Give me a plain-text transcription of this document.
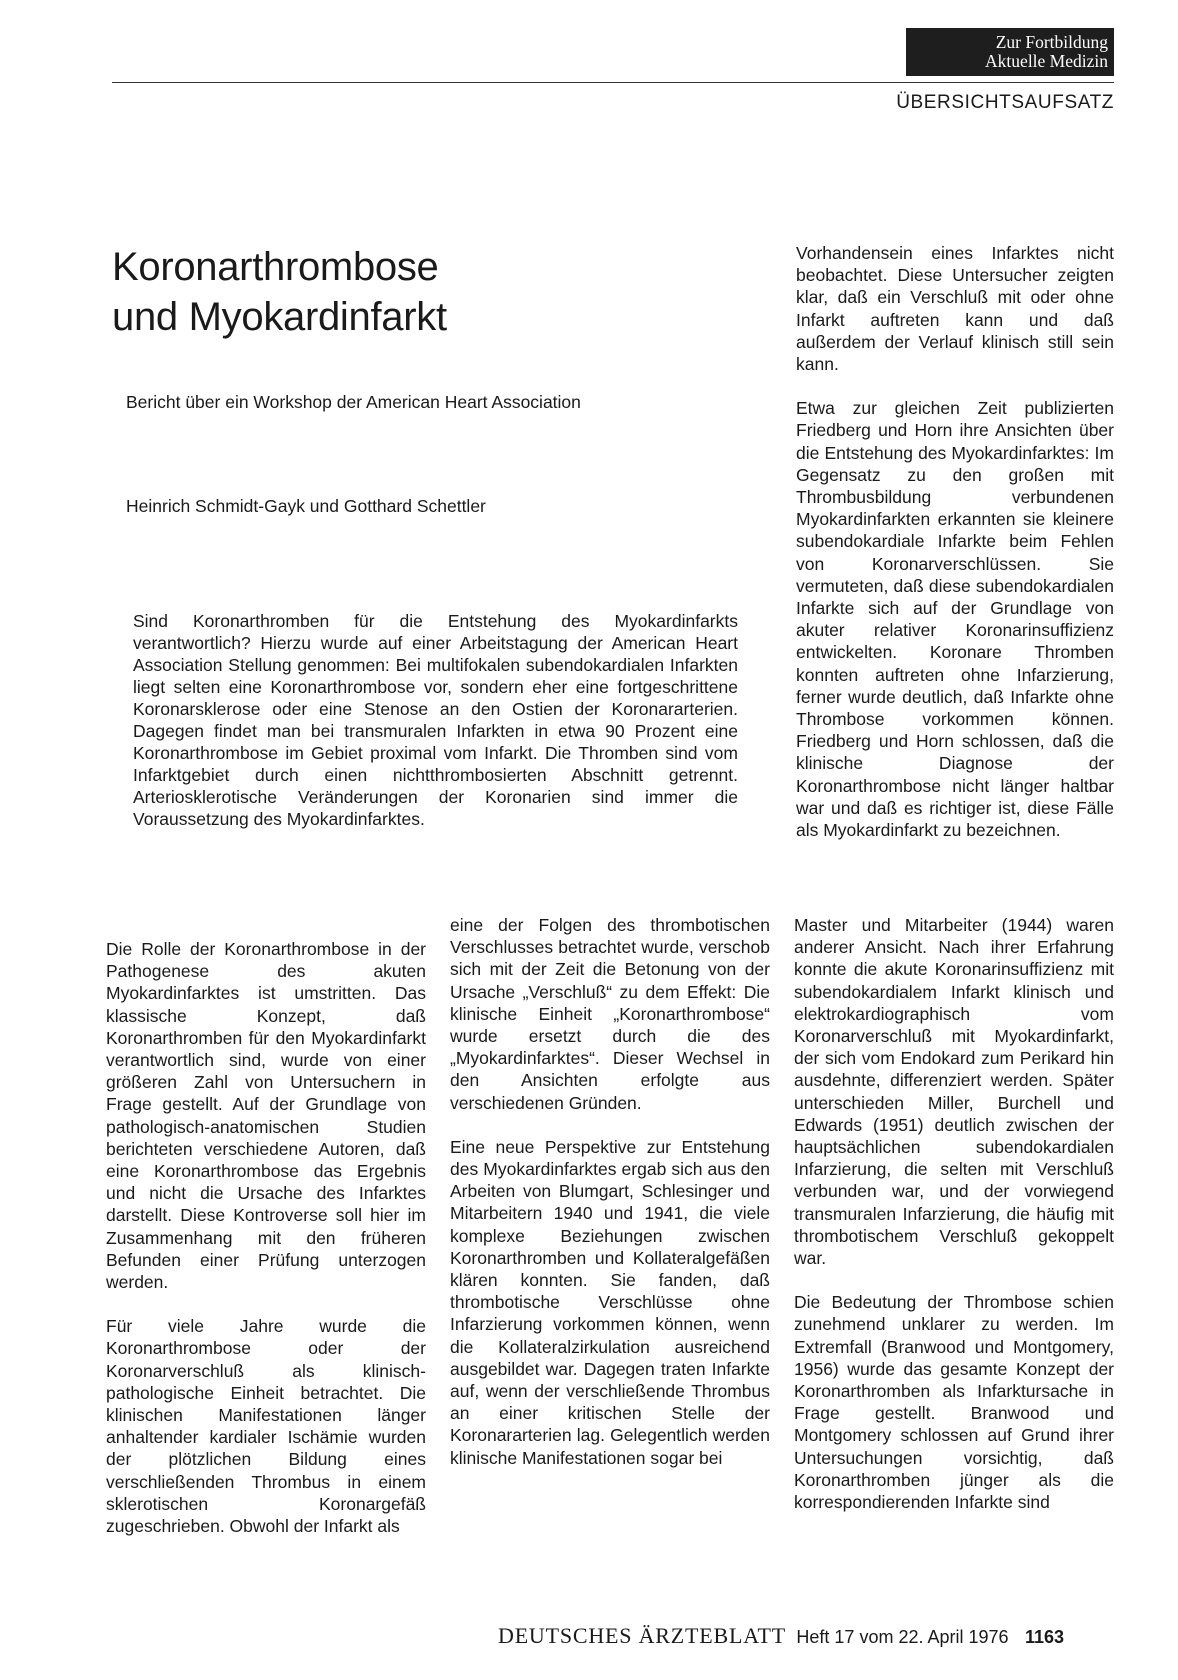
Zur Fortbildung
Aktuelle Medizin
ÜBERSICHTSAUFSATZ
Koronarthrombose
und Myokardinfarkt
Bericht über ein Workshop der American Heart Association
Heinrich Schmidt-Gayk und Gotthard Schettler

Sind Koronarthromben für die Entstehung des Myokardinfarkts verantwortlich? Hierzu wurde auf einer Arbeitstagung der American Heart Association Stellung genommen: Bei multifokalen subendokardialen Infarkten liegt selten eine Koronarthrombose vor, sondern eher eine fortgeschrittene Koronarsklerose oder eine Stenose an den Ostien der Koronararterien. Dagegen findet man bei transmuralen Infarkten in etwa 90 Prozent eine Koronarthrombose im Gebiet proximal vom Infarkt. Die Thromben sind vom Infarktgebiet durch einen nichtthrombosierten Abschnitt getrennt. Arteriosklerotische Veränderungen der Koronarien sind immer die Voraussetzung des Myokardinfarktes.

Vorhandensein eines Infarktes nicht beobachtet. Diese Untersucher zeigten klar, daß ein Verschluß mit oder ohne Infarkt auftreten kann und daß außerdem der Verlauf klinisch still sein kann.

Etwa zur gleichen Zeit publizierten Friedberg und Horn ihre Ansichten über die Entstehung des Myokardinfarktes: Im Gegensatz zu den großen mit Thrombusbildung verbundenen Myokardinfarkten erkannten sie kleinere subendokardiale Infarkte beim Fehlen von Koronarverschlüssen. Sie vermuteten, daß diese subendokardialen Infarkte sich auf der Grundlage von akuter relativer Koronarinsuffizienz entwickelten. Koronare Thromben konnten auftreten ohne Infarzierung, ferner wurde deutlich, daß Infarkte ohne Thrombose vorkommen können. Friedberg und Horn schlossen, daß die klinische Diagnose der Koronarthrombose nicht länger haltbar war und daß es richtiger ist, diese Fälle als Myokardinfarkt zu bezeichnen.

Die Rolle der Koronarthrombose in der Pathogenese des akuten Myokardinfarktes ist umstritten. Das klassische Konzept, daß Koronarthromben für den Myokardinfarkt verantwortlich sind, wurde von einer größeren Zahl von Untersuchern in Frage gestellt. Auf der Grundlage von pathologisch-anatomischen Studien berichteten verschiedene Autoren, daß eine Koronarthrombose das Ergebnis und nicht die Ursache des Infarktes darstellt. Diese Kontroverse soll hier im Zusammenhang mit den früheren Befunden einer Prüfung unterzogen werden.

Für viele Jahre wurde die Koronarthrombose oder der Koronarverschluß als klinisch-pathologische Einheit betrachtet. Die klinischen Manifestationen länger anhaltender kardialer Ischämie wurden der plötzlichen Bildung eines verschließenden Thrombus in einem sklerotischen Koronargefäß zugeschrieben. Obwohl der Infarkt als

eine der Folgen des thrombotischen Verschlusses betrachtet wurde, verschob sich mit der Zeit die Betonung von der Ursache „Verschluß“ zu dem Effekt: Die klinische Einheit „Koronarthrombose“ wurde ersetzt durch die des „Myokardinfarktes“. Dieser Wechsel in den Ansichten erfolgte aus verschiedenen Gründen.

Eine neue Perspektive zur Entstehung des Myokardinfarktes ergab sich aus den Arbeiten von Blumgart, Schlesinger und Mitarbeitern 1940 und 1941, die viele komplexe Beziehungen zwischen Koronarthromben und Kollateralgefäßen klären konnten. Sie fanden, daß thrombotische Verschlüsse ohne Infarzierung vorkommen können, wenn die Kollateralzirkulation ausreichend ausgebildet war. Dagegen traten Infarkte auf, wenn der verschließende Thrombus an einer kritischen Stelle der Koronararterien lag. Gelegentlich werden klinische Manifestationen sogar bei

Master und Mitarbeiter (1944) waren anderer Ansicht. Nach ihrer Erfahrung konnte die akute Koronarinsuffizienz mit subendokardialem Infarkt klinisch und elektrokardiographisch vom Koronarverschluß mit Myokardinfarkt, der sich vom Endokard zum Perikard hin ausdehnte, differenziert werden. Später unterschieden Miller, Burchell und Edwards (1951) deutlich zwischen der hauptsächlichen subendokardialen Infarzierung, die selten mit Verschluß verbunden war, und der vorwiegend transmuralen Infarzierung, die häufig mit thrombotischem Verschluß gekoppelt war.

Die Bedeutung der Thrombose schien zunehmend unklarer zu werden. Im Extremfall (Branwood und Montgomery, 1956) wurde das gesamte Konzept der Koronarthromben als Infarktursache in Frage gestellt. Branwood und Montgomery schlossen auf Grund ihrer Untersuchungen vorsichtig, daß Koronarthromben jünger als die korrespondierenden Infarkte sind

DEUTSCHES ÄRZTEBLATT Heft 17 vom 22. April 1976 1163
